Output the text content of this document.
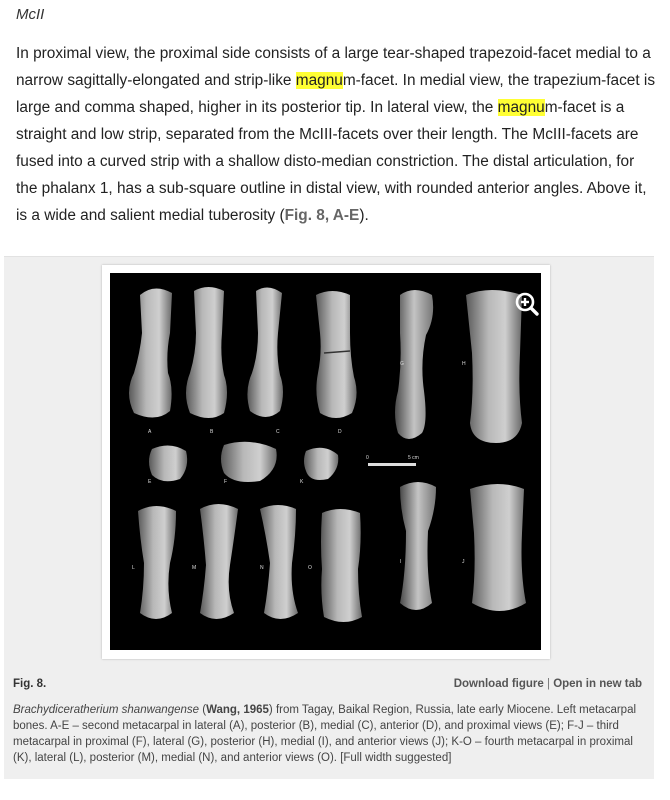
McII
In proximal view, the proximal side consists of a large tear-shaped trapezoid-facet medial to a narrow sagittally-elongated and strip-like magnum-facet. In medial view, the trapezium-facet is large and comma shaped, higher in its posterior tip. In lateral view, the magnum-facet is a straight and low strip, separated from the McIII-facets over their length. The McIII-facets are fused into a curved strip with a shallow disto-median constriction. The distal articulation, for the phalanx 1, has a sub-square outline in distal view, with rounded anterior angles. Above it, is a wide and salient medial tuberosity (Fig. 8, A-E).
0	5 cm
A	B	C	D
E	F
G	H
I	J
K
L	M	N	O
Fig. 8.	Download figure | Open in new tab
Brachydiceratherium shanwangense (Wang, 1965) from Tagay, Baikal Region, Russia, late early Miocene. Left metacarpal bones. A-E – second metacarpal in lateral (A), posterior (B), medial (C), anterior (D), and proximal views (E); F-J – third metacarpal in proximal (F), lateral (G), posterior (H), medial (I), and anterior views (J); K-O – fourth metacarpal in proximal (K), lateral (L), posterior (M), medial (N), and anterior views (O). [Full width suggested]
